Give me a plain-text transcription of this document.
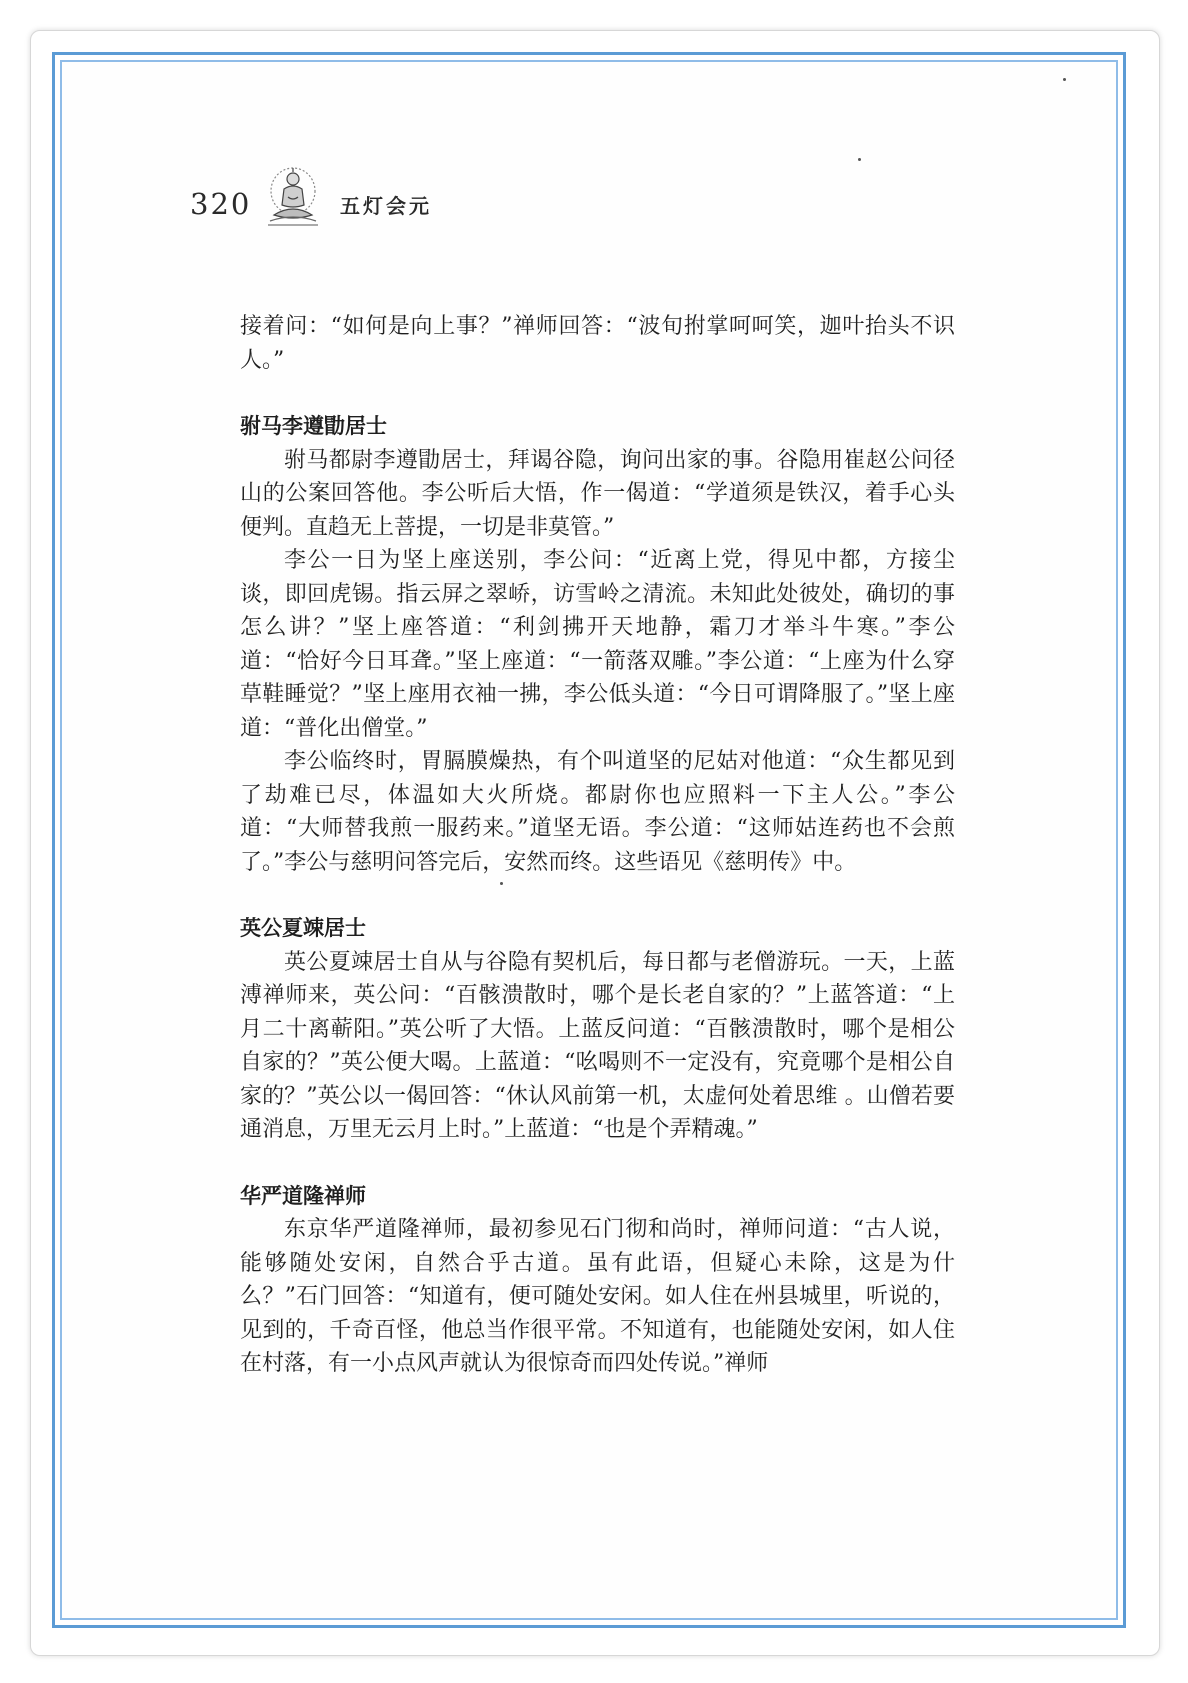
320	五灯会元

接着问：“如何是向上事？”禅师回答：“波旬拊掌呵呵笑，迦叶抬头不识人。”

驸马李遵勖居士

驸马都尉李遵勖居士，拜谒谷隐，询问出家的事。谷隐用崔赵公问径山的公案回答他。李公听后大悟，作一偈道：“学道须是铁汉，着手心头便判。直趋无上菩提，一切是非莫管。”

李公一日为坚上座送别，李公问：“近离上党，得见中都，方接尘谈，即回虎锡。指云屏之翠峤，访雪岭之清流。未知此处彼处，确切的事怎么讲？”坚上座答道：“利剑拂开天地静，霜刀才举斗牛寒。”李公道：“恰好今日耳聋。”坚上座道：“一箭落双雕。”李公道：“上座为什么穿草鞋睡觉？”坚上座用衣袖一拂，李公低头道：“今日可谓降服了。”坚上座道：“普化出僧堂。”

李公临终时，胃膈膜燥热，有个叫道坚的尼姑对他道：“众生都见到了劫难已尽，体温如大火所烧。都尉你也应照料一下主人公。”李公道：“大师替我煎一服药来。”道坚无语。李公道：“这师姑连药也不会煎了。”李公与慈明问答完后，安然而终。这些语见《慈明传》中。

英公夏竦居士

英公夏竦居士自从与谷隐有契机后，每日都与老僧游玩。一天，上蓝溥禅师来，英公问：“百骸溃散时，哪个是长老自家的？”上蓝答道：“上月二十离蕲阳。”英公听了大悟。上蓝反问道：“百骸溃散时，哪个是相公自家的？”英公便大喝。上蓝道：“吆喝则不一定没有，究竟哪个是相公自家的？”英公以一偈回答：“休认风前第一机，太虚何处着思维 。山僧若要通消息，万里无云月上时。”上蓝道：“也是个弄精魂。”

华严道隆禅师

东京华严道隆禅师，最初参见石门彻和尚时，禅师问道：“古人说，能够随处安闲，自然合乎古道。虽有此语，但疑心未除，这是为什么？”石门回答：“知道有，便可随处安闲。如人住在州县城里，听说的，见到的，千奇百怪，他总当作很平常。不知道有，也能随处安闲，如人住在村落，有一小点风声就认为很惊奇而四处传说。”禅师
